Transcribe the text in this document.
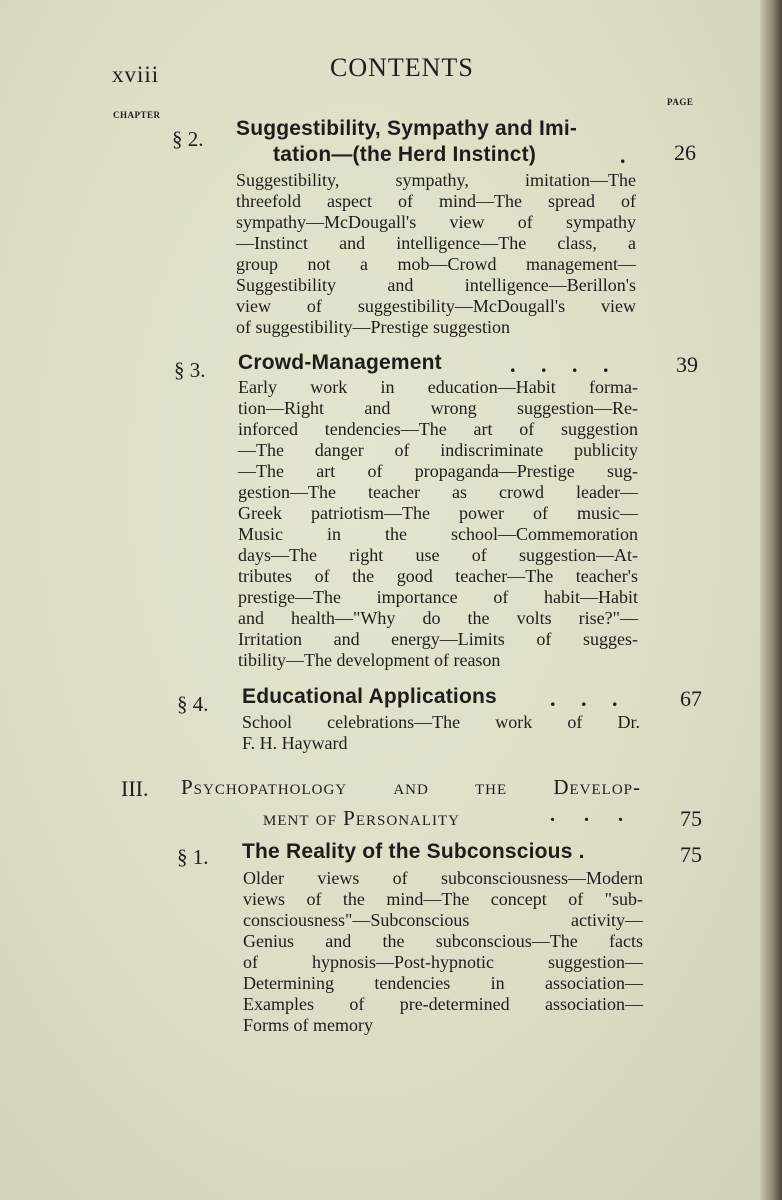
xviii	CONTENTS
CHAPTER
PAGE
§ 2. Suggestibility, Sympathy and Imi-
tation—(the Herd Instinct)	. 26
Suggestibility, sympathy, imitation—The
threefold aspect of mind—The spread of
sympathy—McDougall's view of sympathy
—Instinct and intelligence—The class, a
group not a mob—Crowd management—
Suggestibility and intelligence—Berillon's
view of suggestibility—McDougall's view
of suggestibility—Prestige suggestion
§ 3. Crowd-Management	. . . .	39
Early work in education—Habit forma-
tion—Right and wrong suggestion—Re-
inforced tendencies—The art of suggestion
—The danger of indiscriminate publicity
—The art of propaganda—Prestige sug-
gestion—The teacher as crowd leader—
Greek patriotism—The power of music—
Music in the school—Commemoration
days—The right use of suggestion—At-
tributes of the good teacher—The teacher's
prestige—The importance of habit—Habit
and health—"Why do the volts rise?"—
Irritation and energy—Limits of sugges-
tibility—The development of reason
§ 4. Educational Applications . . . 67
School celebrations—The work of Dr.
F. H. Hayward
III. Psychopathology and the Develop-
ment of Personality	. . . 75
§ 1. The Reality of the Subconscious .	75
Older views of subconsciousness—Modern
views of the mind—The concept of "sub-
consciousness"—Subconscious activity—
Genius and the subconscious—The facts
of hypnosis—Post-hypnotic suggestion—
Determining tendencies in association—
Examples of pre-determined association—
Forms of memory
